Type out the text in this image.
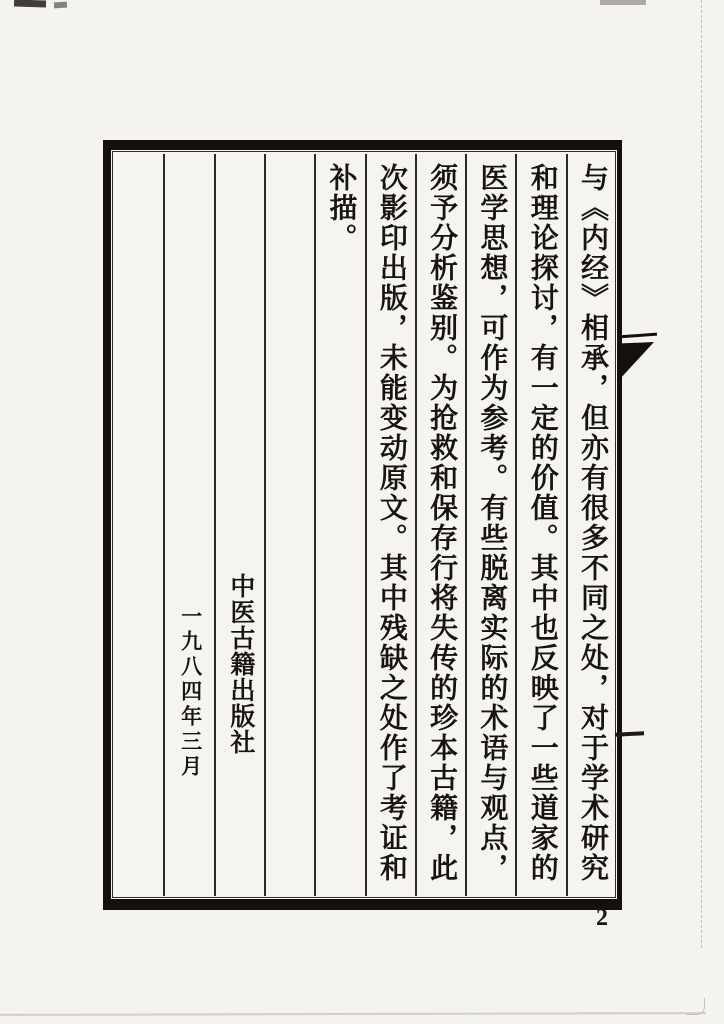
与《内经》相承，但亦有很多不同之处，对于学术研究
和理论探讨，有一定的价值。其中也反映了一些道家的
医学思想，可作为参考。有些脱离实际的术语与观点，
须予分析鉴别。为抢救和保存行将失传的珍本古籍，此
次影印出版，未能变动原文。其中残缺之处作了考证和
补描。
中医古籍出版社
一九八四年三月
2
